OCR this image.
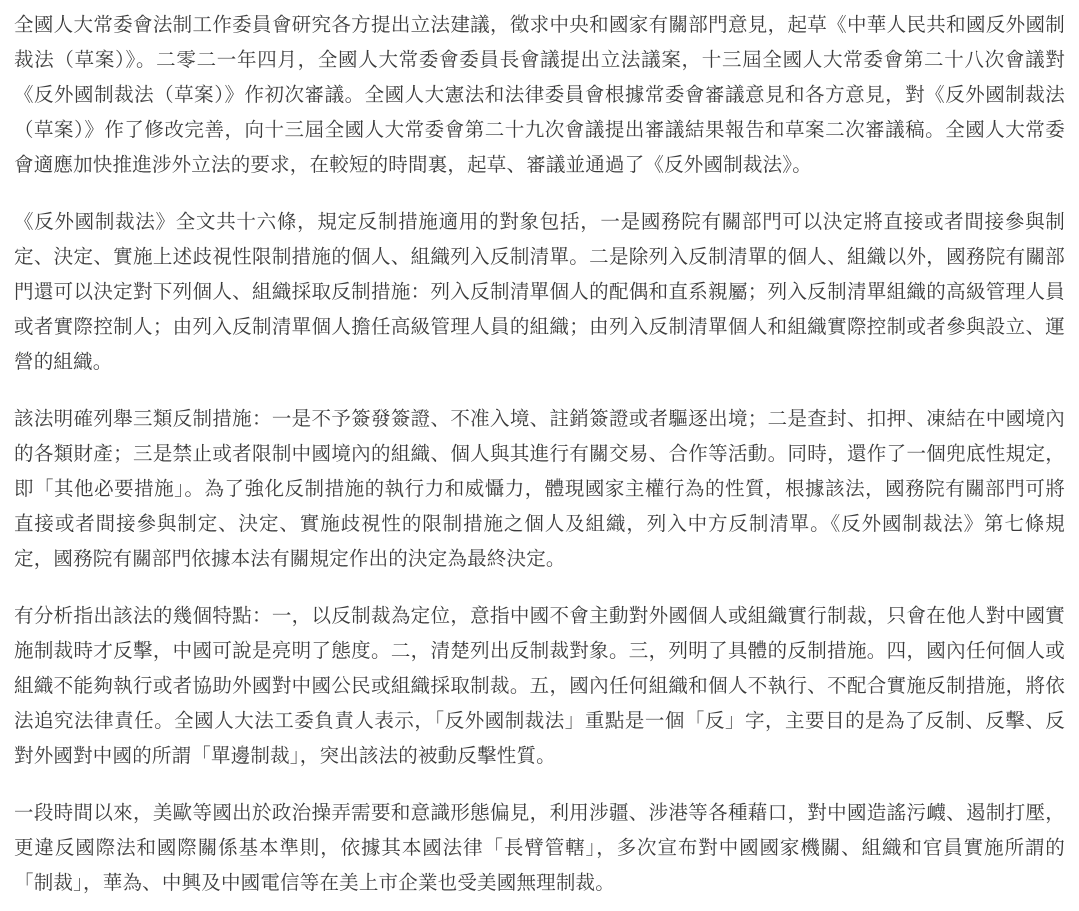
全國人大常委會法制工作委員會研究各方提出立法建議，徵求中央和國家有關部門意見，起草《中華人民共和國反外國制裁法（草案）》。二零二一年四月，全國人大常委會委員長會議提出立法議案，十三屆全國人大常委會第二十八次會議對《反外國制裁法（草案）》作初次審議。全國人大憲法和法律委員會根據常委會審議意見和各方意見，對《反外國制裁法（草案）》作了修改完善，向十三屆全國人大常委會第二十九次會議提出審議結果報告和草案二次審議稿。全國人大常委會適應加快推進涉外立法的要求，在較短的時間裏，起草、審議並通過了《反外國制裁法》。

《反外國制裁法》全文共十六條，規定反制措施適用的對象包括，一是國務院有關部門可以決定將直接或者間接參與制定、決定、實施上述歧視性限制措施的個人、組織列入反制清單。二是除列入反制清單的個人、組織以外，國務院有關部門還可以決定對下列個人、組織採取反制措施：列入反制清單個人的配偶和直系親屬；列入反制清單組織的高級管理人員或者實際控制人；由列入反制清單個人擔任高級管理人員的組織；由列入反制清單個人和組織實際控制或者參與設立、運營的組織。

該法明確列舉三類反制措施：一是不予簽發簽證、不准入境、註銷簽證或者驅逐出境；二是查封、扣押、凍結在中國境內的各類財產；三是禁止或者限制中國境內的組織、個人與其進行有關交易、合作等活動。同時，還作了一個兜底性規定，即「其他必要措施」。為了強化反制措施的執行力和威懾力，體現國家主權行為的性質，根據該法，國務院有關部門可將直接或者間接參與制定、決定、實施歧視性的限制措施之個人及組織，列入中方反制清單。《反外國制裁法》第七條規定，國務院有關部門依據本法有關規定作出的決定為最終決定。

有分析指出該法的幾個特點：一，以反制裁為定位，意指中國不會主動對外國個人或組織實行制裁，只會在他人對中國實施制裁時才反擊，中國可說是亮明了態度。二，清楚列出反制裁對象。三，列明了具體的反制措施。四，國內任何個人或組織不能夠執行或者協助外國對中國公民或組織採取制裁。五，國內任何組織和個人不執行、不配合實施反制措施，將依法追究法律責任。全國人大法工委負責人表示，「反外國制裁法」重點是一個「反」字，主要目的是為了反制、反擊、反對外國對中國的所謂「單邊制裁」，突出該法的被動反擊性質。

一段時間以來，美歐等國出於政治操弄需要和意識形態偏見，利用涉疆、涉港等各種藉口，對中國造謠污衊、遏制打壓，更違反國際法和國際關係基本準則，依據其本國法律「長臂管轄」，多次宣布對中國國家機關、組織和官員實施所謂的「制裁」，華為、中興及中國電信等在美上市企業也受美國無理制裁。
